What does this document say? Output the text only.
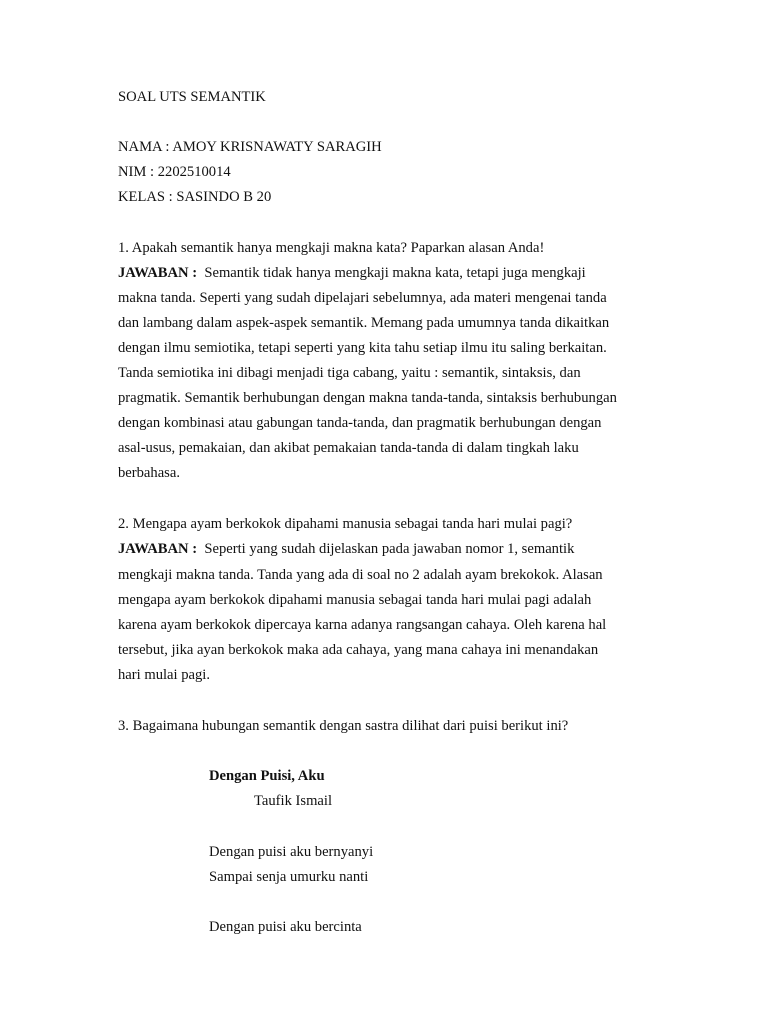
SOAL UTS SEMANTIK
NAMA : AMOY KRISNAWATY SARAGIH
NIM : 2202510014
KELAS : SASINDO B 20
1. Apakah semantik hanya mengkaji makna kata? Paparkan alasan Anda!
JAWABAN : Semantik tidak hanya mengkaji makna kata, tetapi juga mengkaji
makna tanda. Seperti yang sudah dipelajari sebelumnya, ada materi mengenai tanda
dan lambang dalam aspek-aspek semantik. Memang pada umumnya tanda dikaitkan
dengan ilmu semiotika, tetapi seperti yang kita tahu setiap ilmu itu saling berkaitan.
Tanda semiotika ini dibagi menjadi tiga cabang, yaitu : semantik, sintaksis, dan
pragmatik. Semantik berhubungan dengan makna tanda-tanda, sintaksis berhubungan
dengan kombinasi atau gabungan tanda-tanda, dan pragmatik berhubungan dengan
asal-usus, pemakaian, dan akibat pemakaian tanda-tanda di dalam tingkah laku
berbahasa.
2. Mengapa ayam berkokok dipahami manusia sebagai tanda hari mulai pagi?
JAWABAN : Seperti yang sudah dijelaskan pada jawaban nomor 1, semantik
mengkaji makna tanda. Tanda yang ada di soal no 2 adalah ayam brekokok. Alasan
mengapa ayam berkokok dipahami manusia sebagai tanda hari mulai pagi adalah
karena ayam berkokok dipercaya karna adanya rangsangan cahaya. Oleh karena hal
tersebut, jika ayan berkokok maka ada cahaya, yang mana cahaya ini menandakan
hari mulai pagi.
3. Bagaimana hubungan semantik dengan sastra dilihat dari puisi berikut ini?
Dengan Puisi, Aku
Taufik Ismail
Dengan puisi aku bernyanyi
Sampai senja umurku nanti
Dengan puisi aku bercinta
